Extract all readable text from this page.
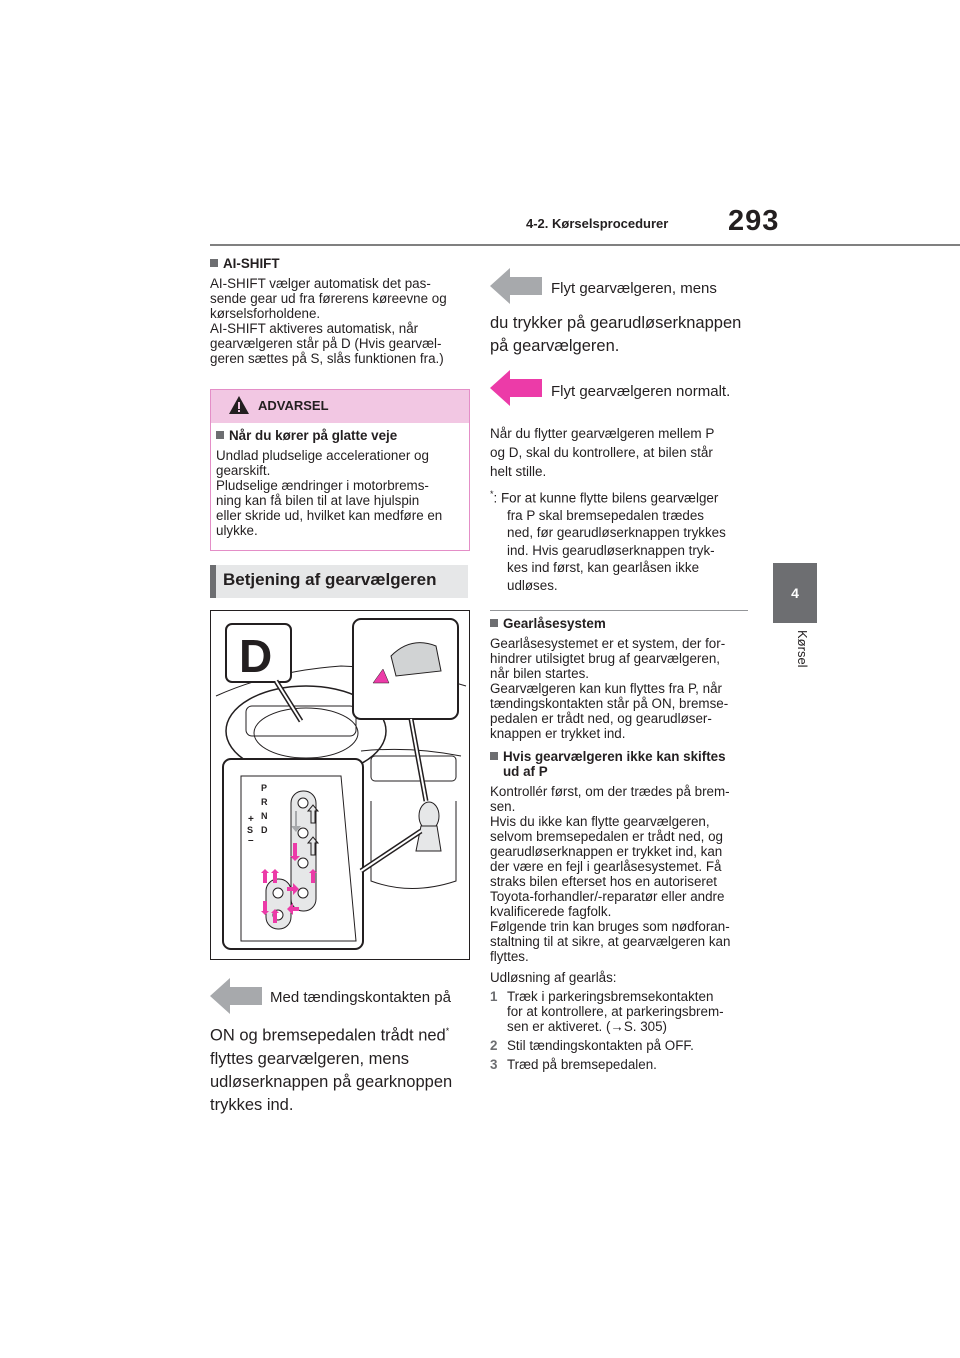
4-2. Kørselsprocedurer 293
4
Kørsel
AI-SHIFT
AI-SHIFT vælger automatisk det pas-
sende gear ud fra førerens køreevne og
kørselsforholdene.
AI-SHIFT aktiveres automatisk, når
gearvælgeren står på D (Hvis gearvæl-
geren sættes på S, slås funktionen fra.)
ADVARSEL
Når du kører på glatte veje
Undlad pludselige accelerationer og
gearskift.
Pludselige ændringer i motorbrems-
ning kan få bilen til at lave hjulspin
eller skride ud, hvilket kan medføre en
ulykke.
Betjening af gearvælgeren
D
P
R
N
D
S
+
–
Med tændingskontakten på
ON og bremsepedalen trådt ned*
flyttes gearvælgeren, mens
udløserknappen på gearknoppen
trykkes ind.
Flyt gearvælgeren, mens
du trykker på gearudløserknappen
på gearvælgeren.
Flyt gearvælgeren normalt.
Når du flytter gearvælgeren mellem P
og D, skal du kontrollere, at bilen står
helt stille.
*: For at kunne flytte bilens gearvælger
fra P skal bremsepedalen trædes
ned, før gearudløserknappen trykkes
ind. Hvis gearudløserknappen tryk-
kes ind først, kan gearlåsen ikke
udløses.
Gearlåsesystem
Gearlåsesystemet er et system, der for-
hindrer utilsigtet brug af gearvælgeren,
når bilen startes.
Gearvælgeren kan kun flyttes fra P, når
tændingskontakten står på ON, bremse-
pedalen er trådt ned, og gearudløser-
knappen er trykket ind.
Hvis gearvælgeren ikke kan skiftes
ud af P
Kontrollér først, om der trædes på brem-
sen.
Hvis du ikke kan flytte gearvælgeren,
selvom bremsepedalen er trådt ned, og
gearudløserknappen er trykket ind, kan
der være en fejl i gearlåsesystemet. Få
straks bilen efterset hos en autoriseret
Toyota-forhandler/-reparatør eller andre
kvalificerede fagfolk.
Følgende trin kan bruges som nødforan-
staltning til at sikre, at gearvælgeren kan
flyttes.
Udløsning af gearlås:
1 Træk i parkeringsbremsekontakten
for at kontrollere, at parkeringsbrem-
sen er aktiveret. (→S. 305)
2 Stil tændingskontakten på OFF.
3 Træd på bremsepedalen.
